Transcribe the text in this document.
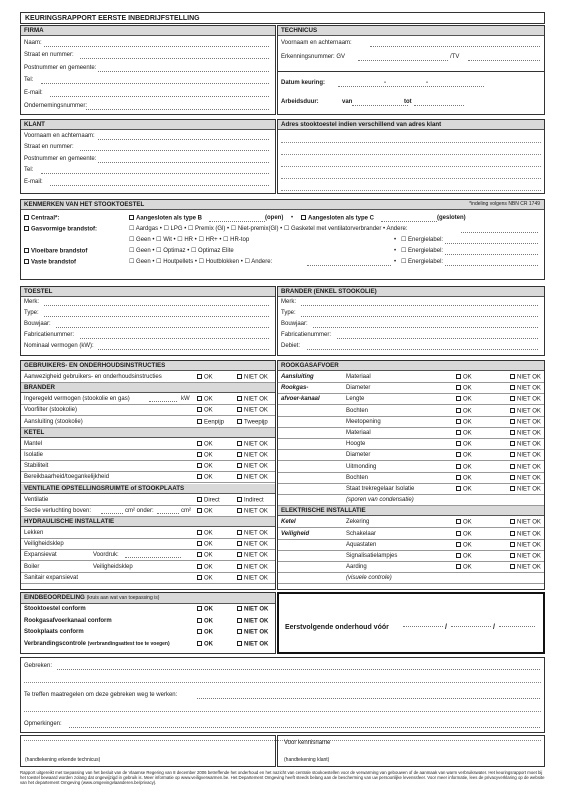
KEURINGSRAPPORT EERSTE INBEDRIJFSTELLING
FIRMA
Naam:
Straat en nummer:
Postnummer en gemeente:
Tel:
E-mail:
Ondernemingsnummer:
TECHNICUS
Voornaam en achternaam:
Erkenningsnummer: GV	/TV
Datum keuring:	-	-
Arbeidsduur:	van	tot
KLANT
Voornaam en achternaam:
Straat en nummer:
Postnummer en gemeente:
Tel:
E-mail:
Adres stooktoestel indien verschillend van adres klant
KENMERKEN VAN HET STOOKTOESTEL	*indeling volgens NBN CR 1749
Centraal*:	Aangesloten als type B	(open) •	Aangesloten als type C	(gesloten)
Gasvormige brandstof:	☐ Aardgas • ☐ LPG • ☐ Premix (Gl) • ☐ Niet-premix(Gl) • ☐ Gasketel met ventilatorverbrander • Andere:
☐ Geen • ☐ Wit • ☐ HR • ☐ HR+ • ☐ HR-top	• ☐ Energielabel:
Vloeibare brandstof	☐ Geen • ☐ Optimaz • ☐ Optimaz Elite	• ☐ Energielabel:
Vaste brandstof	☐ Geen • ☐ Houtpellets • ☐ Houtblokken • ☐ Andere:	• ☐ Energielabel:
TOESTEL
Merk:
Type:
Bouwjaar:
Fabricatienummer:
Nominaal vermogen (kW):
BRANDER (ENKEL STOOKOLIE)
Merk:
Type:
Bouwjaar:
Fabricatienummer:
Debiet:
GEBRUIKERS- EN ONDERHOUDSINSTRUCTIES
Aanwezigheid gebruikers- en onderhoudsinstructies	OK	NIET OK
BRANDER
Ingeregeld vermogen (stookolie en gas)	kW	OK	NIET OK
Voorfilter (stookolie)	OK	NIET OK
Aansluiting (stookolie)	Eenpijp	Tweepijp
KETEL
Mantel	OK	NIET OK
Isolatie	OK	NIET OK
Stabiliteit	OK	NIET OK
Bereikbaarheid/toegankelijkheid	OK	NIET OK
VENTILATIE OPSTELLINGSRUIMTE of STOOKPLAATS
Ventilatie	Direct	Indirect
Sectie verluchting boven:	cm² onder:	cm²	OK	NIET OK
HYDRAULISCHE INSTALLATIE
Lekken	OK	NIET OK
Veiligheidsklep	OK	NIET OK
Expansievat	Voordruk:	OK	NIET OK
Boiler	Veiligheidsklep	OK	NIET OK
Sanitair expansievat	OK	NIET OK
ROOKGASAFVOER
Aansluiting	Materiaal	OK	NIET OK
Rookgas-	Diameter	OK	NIET OK
afvoer-kanaal	Lengte	OK	NIET OK
Bochten	OK	NIET OK
Meetopening	OK	NIET OK
Materiaal	OK	NIET OK
Hoogte	OK	NIET OK
Diameter	OK	NIET OK
Uitmonding	OK	NIET OK
Bochten	OK	NIET OK
Staat trekregelaar Isolatie	OK	NIET OK
(sporen van condensatie)
ELEKTRISCHE INSTALLATIE
Ketel	Zekering	OK	NIET OK
Veiligheid	Schakelaar	OK	NIET OK
Aquastaten	OK	NIET OK
Signalisatielampjes	OK	NIET OK
Aarding	OK	NIET OK
(visuele controle)
EINDBEOORDELING (kruis aan wat van toepassing is)
Stooktoestel conform	OK	NIET OK
Rookgasafvoerkanaal conform	OK	NIET OK
Stookplaats conform	OK	NIET OK
Verbrandingscontrole (verbrandingsattest toe te voegen)	OK	NIET OK
Eerstvolgende onderhoud vóór	/	/
Gebreken:
Te treffen maatregelen om deze gebreken weg te werken:
Opmerkingen:
(handtekening erkende technicus)
Voor kennisname
(handtekening klant)
Rapport uitgereikt met toepassing van het besluit van de Vlaamse Regering van 8 december 2006 betreffende het onderhoud en het nazicht van centrale stookoestellen voor de verwarming van gebouwen of de aanmaak van warm verbruikswater. Het keuringsrapport moet bij het toestel bewaard worden zolang dat ongewijzigd in gebruik is. Meer informatie op www.veiligverwarmen.be. Het Departement Omgeving heeft steeds belang aan de bescherming van uw persoonlijke levenssfeer. Voor meer informatie, lees de privacyverklaring op de website van het departement Omgeving (www.omgevingvlaanderen.be/privacy).
